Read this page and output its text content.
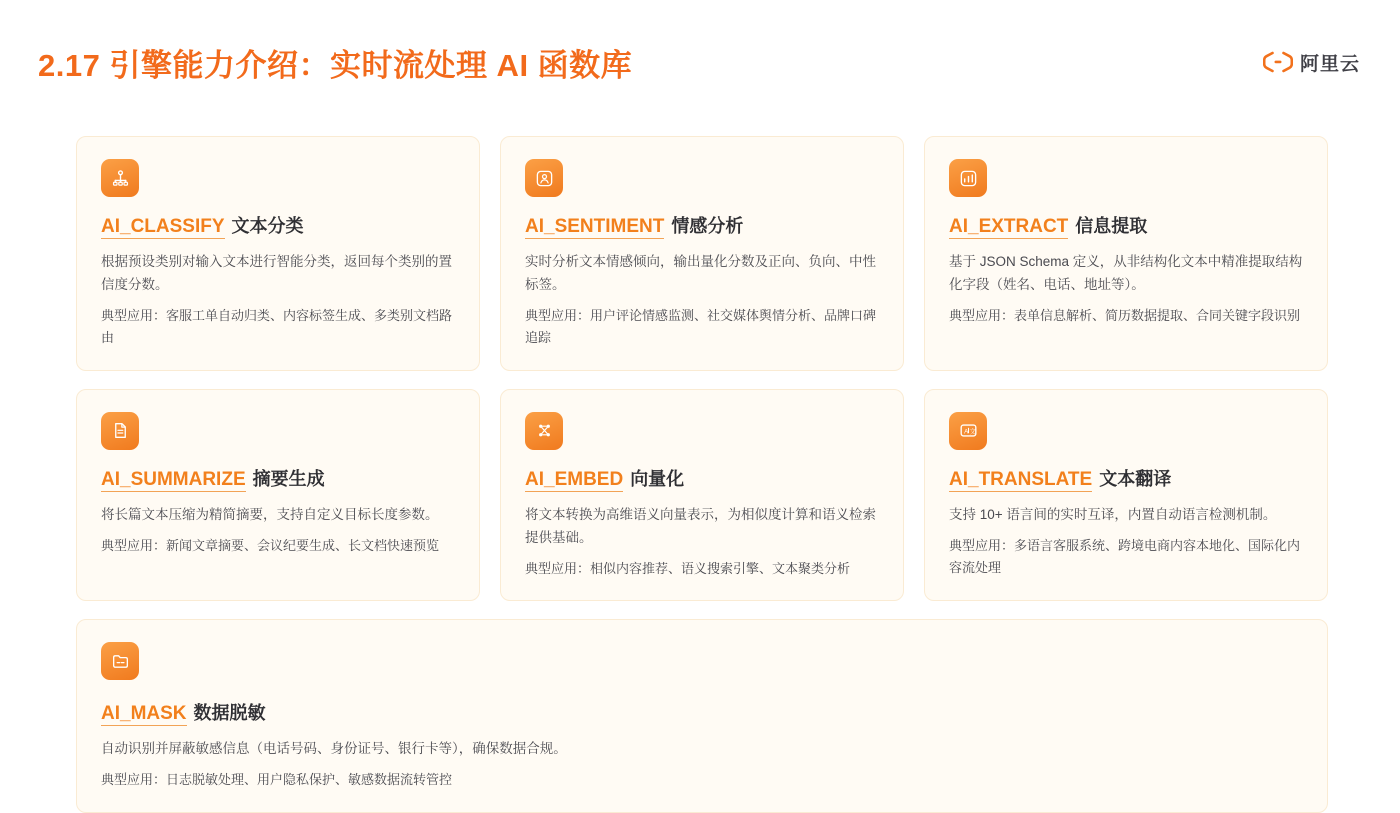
2.17 引擎能力介绍：实时流处理 AI 函数库	阿里云
AI_CLASSIFY 文本分类

根据预设类别对输入文本进行智能分类，返回每个类别的置信度分数。

典型应用：客服工单自动归类、内容标签生成、多类别文档路由

AI_SENTIMENT 情感分析

实时分析文本情感倾向，输出量化分数及正向、负向、中性标签。

典型应用：用户评论情感监测、社交媒体舆情分析、品牌口碑追踪

AI_EXTRACT 信息提取

基于 JSON Schema 定义，从非结构化文本中精准提取结构化字段（姓名、电话、地址等）。

典型应用：表单信息解析、简历数据提取、合同关键字段识别

AI_SUMMARIZE 摘要生成

将长篇文本压缩为精简摘要，支持自定义目标长度参数。

典型应用：新闻文章摘要、会议纪要生成、长文档快速预览

AI_EMBED 向量化

将文本转换为高维语义向量表示，为相似度计算和语义检索提供基础。

典型应用：相似内容推荐、语义搜索引擎、文本聚类分析

A 文
AI_TRANSLATE 文本翻译

支持 10+ 语言间的实时互译，内置自动语言检测机制。

典型应用：多语言客服系统、跨境电商内容本地化、国际化内容流处理

AI_MASK 数据脱敏

自动识别并屏蔽敏感信息（电话号码、身份证号、银行卡等），确保数据合规。

典型应用：日志脱敏处理、用户隐私保护、敏感数据流转管控
